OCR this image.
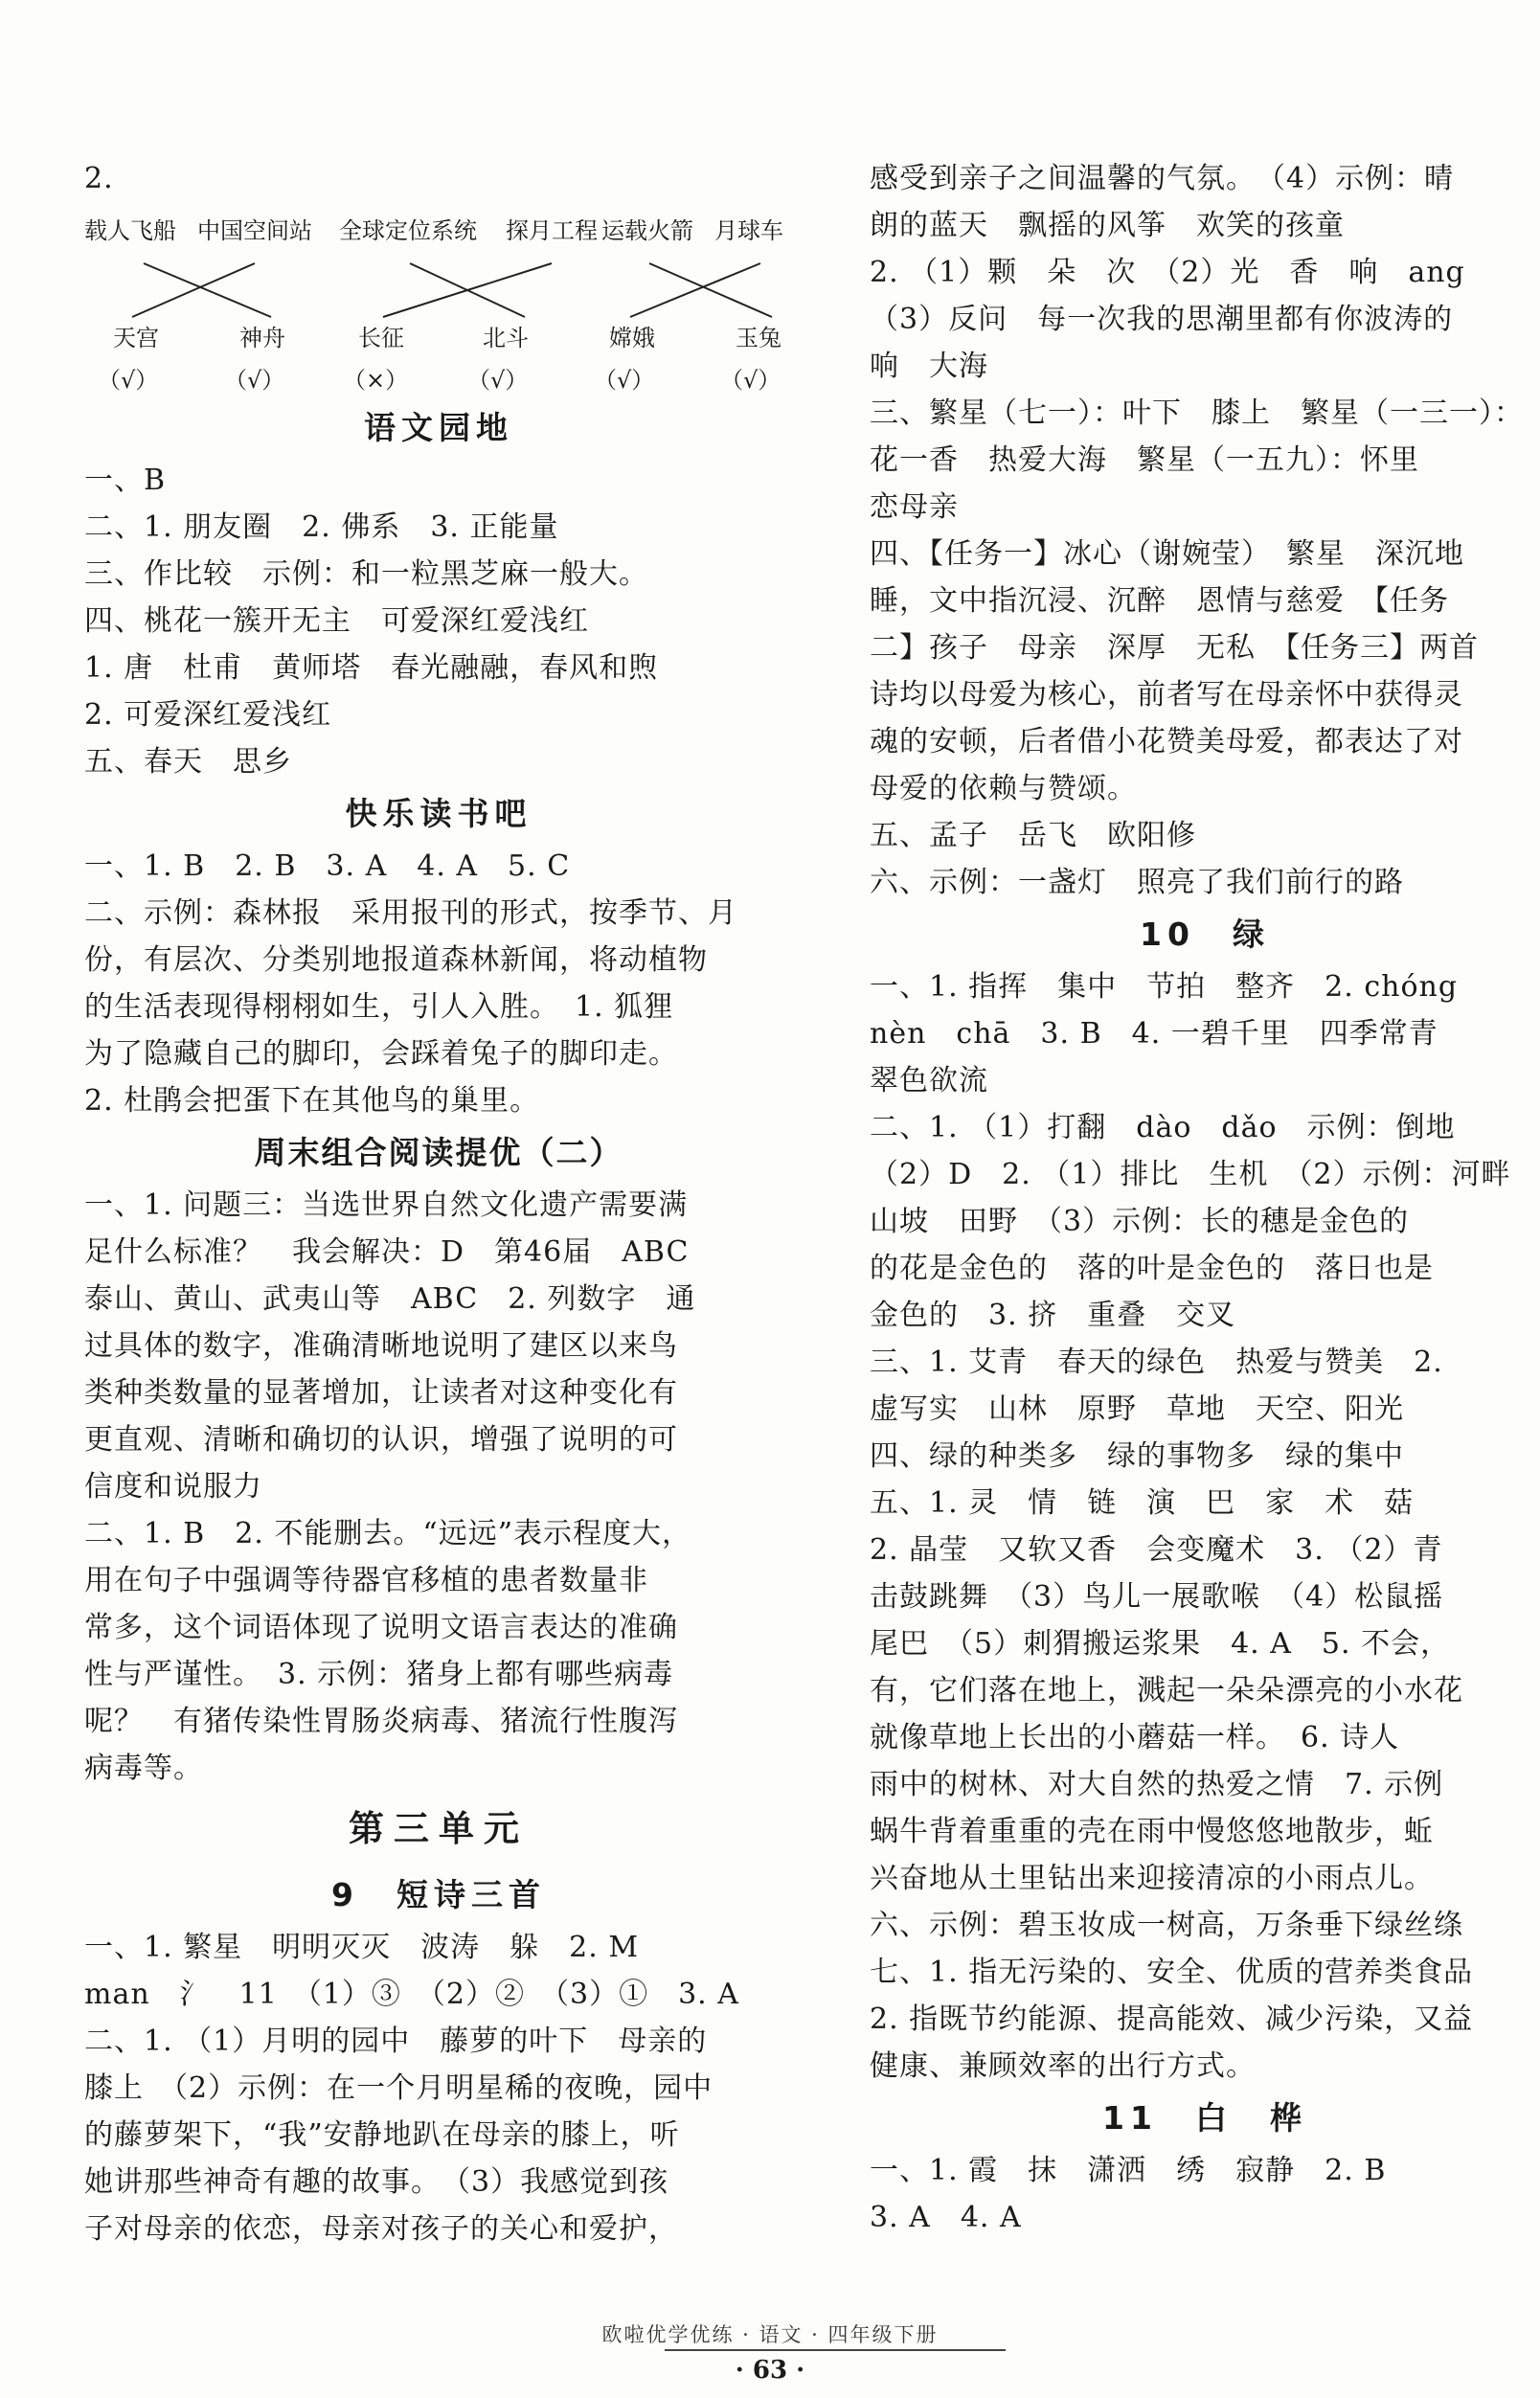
2.
载人飞船 中国空间站 全球定位系统 探月工程 运载火箭 月球车
天宫	神舟	长征	北斗	嫦娥	玉兔
（√）	（√）	（×）	（√）	（√）	（√）
语文园地
一、B
二、1. 朋友圈　2. 佛系　3. 正能量
三、作比较　示例：和一粒黑芝麻一般大。
四、桃花一簇开无主　可爱深红爱浅红
1. 唐　杜甫　黄师塔　春光融融，春风和煦
2. 可爱深红爱浅红
五、春天　思乡
快乐读书吧
一、1. B　2. B　3. A　4. A　5. C
二、示例：森林报　采用报刊的形式，按季节、月
份，有层次、分类别地报道森林新闻，将动植物
的生活表现得栩栩如生，引人入胜。　1. 狐狸
为了隐藏自己的脚印，会踩着兔子的脚印走。
2. 杜鹃会把蛋下在其他鸟的巢里。
周末组合阅读提优（二）
一、1. 问题三：当选世界自然文化遗产需要满
足什么标准？　我会解决：D　第46届　ABC
泰山、黄山、武夷山等　ABC　2. 列数字　通
过具体的数字，准确清晰地说明了建区以来鸟
类种类数量的显著增加，让读者对这种变化有
更直观、清晰和确切的认识，增强了说明的可
信度和说服力
二、1. B　2. 不能删去。“远远”表示程度大，
用在句子中强调等待器官移植的患者数量非
常多，这个词语体现了说明文语言表达的准确
性与严谨性。　3. 示例：猪身上都有哪些病毒
呢？　有猪传染性胃肠炎病毒、猪流行性腹泻
病毒等。
第三单元
9　短诗三首
一、1. 繁星　明明灭灭　波涛　躲　2. M
man　氵　11　（1）③　（2）②　（3）①　3. A
二、1. （1）月明的园中　藤萝的叶下　母亲的
膝上　（2）示例：在一个月明星稀的夜晚，园中
的藤萝架下，“我”安静地趴在母亲的膝上，听
她讲那些神奇有趣的故事。　（3）我感觉到孩
子对母亲的依恋，母亲对孩子的关心和爱护，
感受到亲子之间温馨的气氛。　（4）示例：晴
朗的蓝天　飘摇的风筝　欢笑的孩童
2. （1）颗　朵　次　（2）光　香　响　ang
（3）反问　每一次我的思潮里都有你波涛的
响　大海
三、繁星（七一）：叶下　膝上　繁星（一三一）：
花一香　热爱大海　繁星（一五九）：怀里
恋母亲
四、【任务一】冰心（谢婉莹）　繁星　深沉地
睡，文中指沉浸、沉醉　恩情与慈爱　【任务
二】孩子　母亲　深厚　无私　【任务三】两首
诗均以母爱为核心，前者写在母亲怀中获得灵
魂的安顿，后者借小花赞美母爱，都表达了对
母爱的依赖与赞颂。
五、孟子　岳飞　欧阳修
六、示例：一盏灯　照亮了我们前行的路
10　绿
一、1. 指挥　集中　节拍　整齐　2. chóng
nèn　chā　3. B　4. 一碧千里　四季常青
翠色欲流
二、1. （1）打翻　dào　dǎo　示例：倒地
（2）D　2. （1）排比　生机　（2）示例：河畔
山坡　田野　（3）示例：长的穗是金色的
的花是金色的　落的叶是金色的　落日也是
金色的　3. 挤　重叠　交叉
三、1. 艾青　春天的绿色　热爱与赞美　2.
虚写实　山林　原野　草地　天空、阳光
四、绿的种类多　绿的事物多　绿的集中
五、1. 灵　情　链　演　巴　家　术　菇
2. 晶莹　又软又香　会变魔术　3. （2）青
击鼓跳舞　（3）鸟儿一展歌喉　（4）松鼠摇
尾巴　（5）刺猬搬运浆果　4. A　5. 不会，
有，它们落在地上，溅起一朵朵漂亮的小水花
就像草地上长出的小蘑菇一样。　6. 诗人
雨中的树林、对大自然的热爱之情　7. 示例
蜗牛背着重重的壳在雨中慢悠悠地散步，蚯
兴奋地从土里钻出来迎接清凉的小雨点儿。
六、示例：碧玉妆成一树高，万条垂下绿丝绦
七、1. 指无污染的、安全、优质的营养类食品
2. 指既节约能源、提高能效、减少污染，又益
健康、兼顾效率的出行方式。
11　白　桦
一、1. 霞　抹　潇洒　绣　寂静　2. B
3. A　4. A
欧啦优学优练 · 语文 · 四年级下册
· 63 ·
